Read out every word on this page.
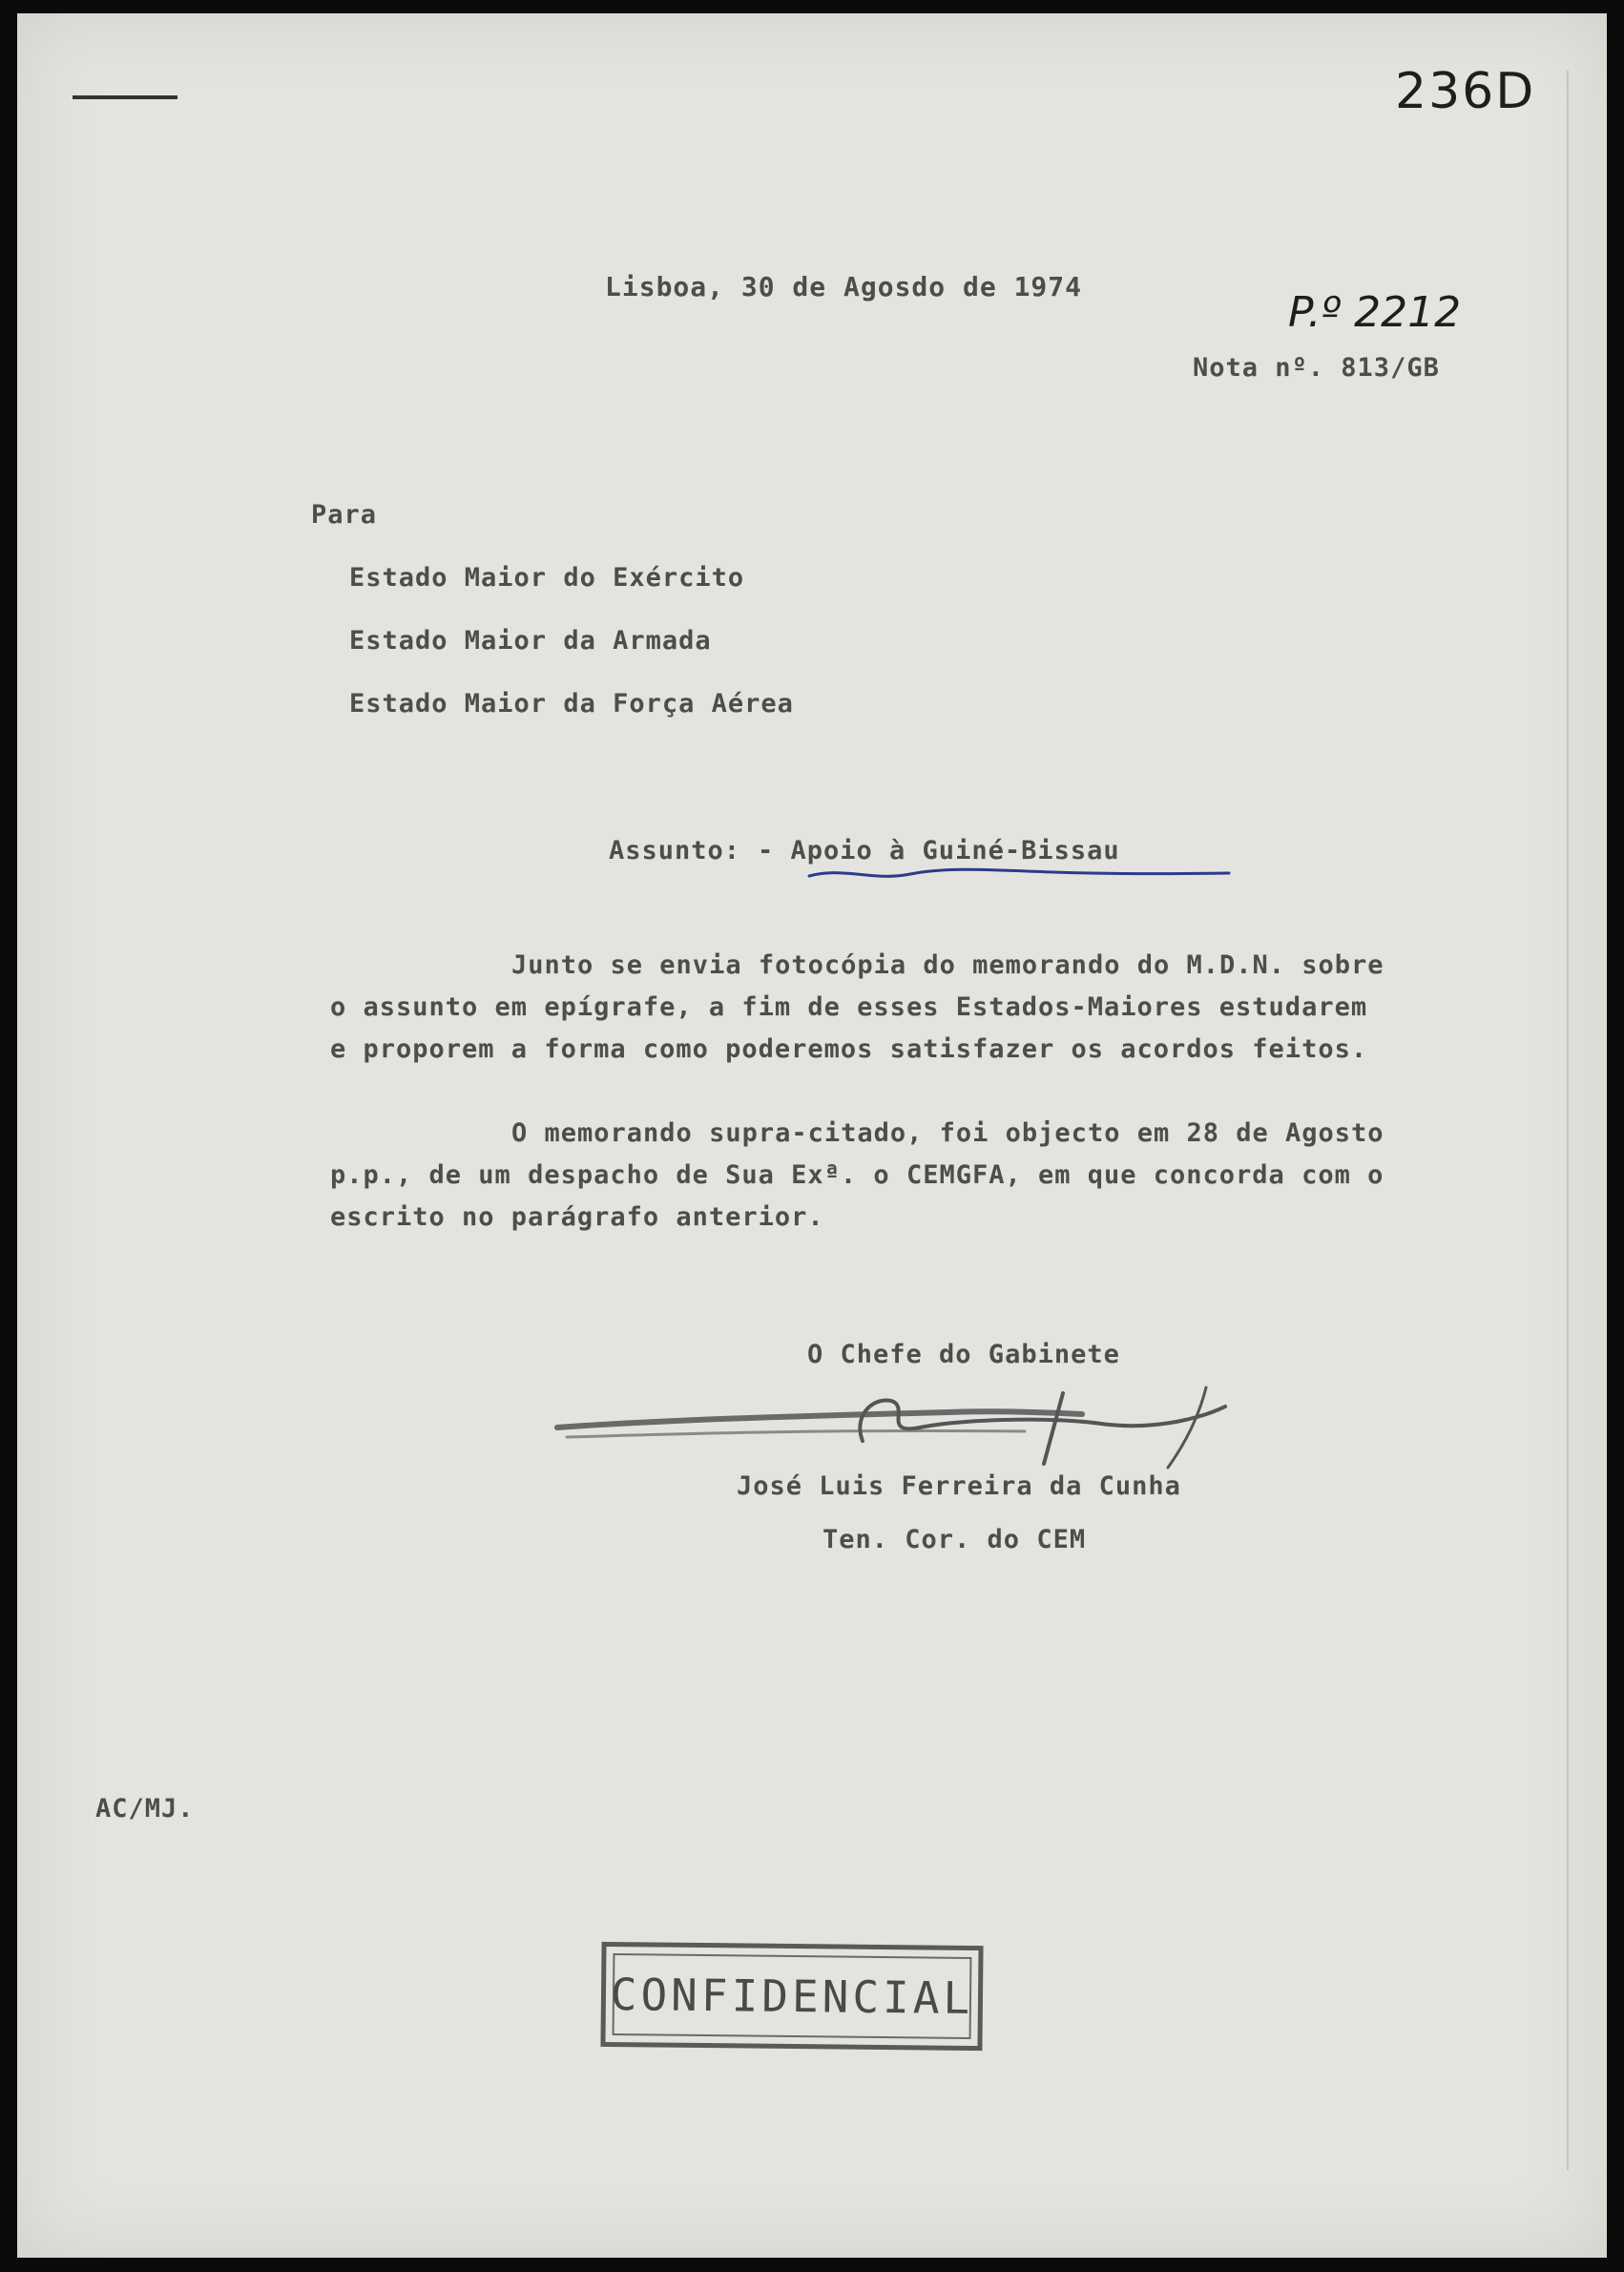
236D
Lisboa, 30 de Agosdo de 1974
P.º 2212
Nota nº. 813/GB
Para
Estado Maior do Exército
Estado Maior da Armada
Estado Maior da Força Aérea
Assunto: - Apoio à Guiné-Bissau
Junto se envia fotocópia do memorando do M.D.N. sobre
o assunto em epígrafe, a fim de esses Estados-Maiores estudarem
e proporem a forma como poderemos satisfazer os acordos feitos.
O memorando supra-citado, foi objecto em 28 de Agosto
p.p., de um despacho de Sua Exª. o CEMGFA, em que concorda com o
escrito no parágrafo anterior.
O Chefe do Gabinete
José Luis Ferreira da Cunha
Ten. Cor. do CEM
AC/MJ.
CONFIDENCIAL
